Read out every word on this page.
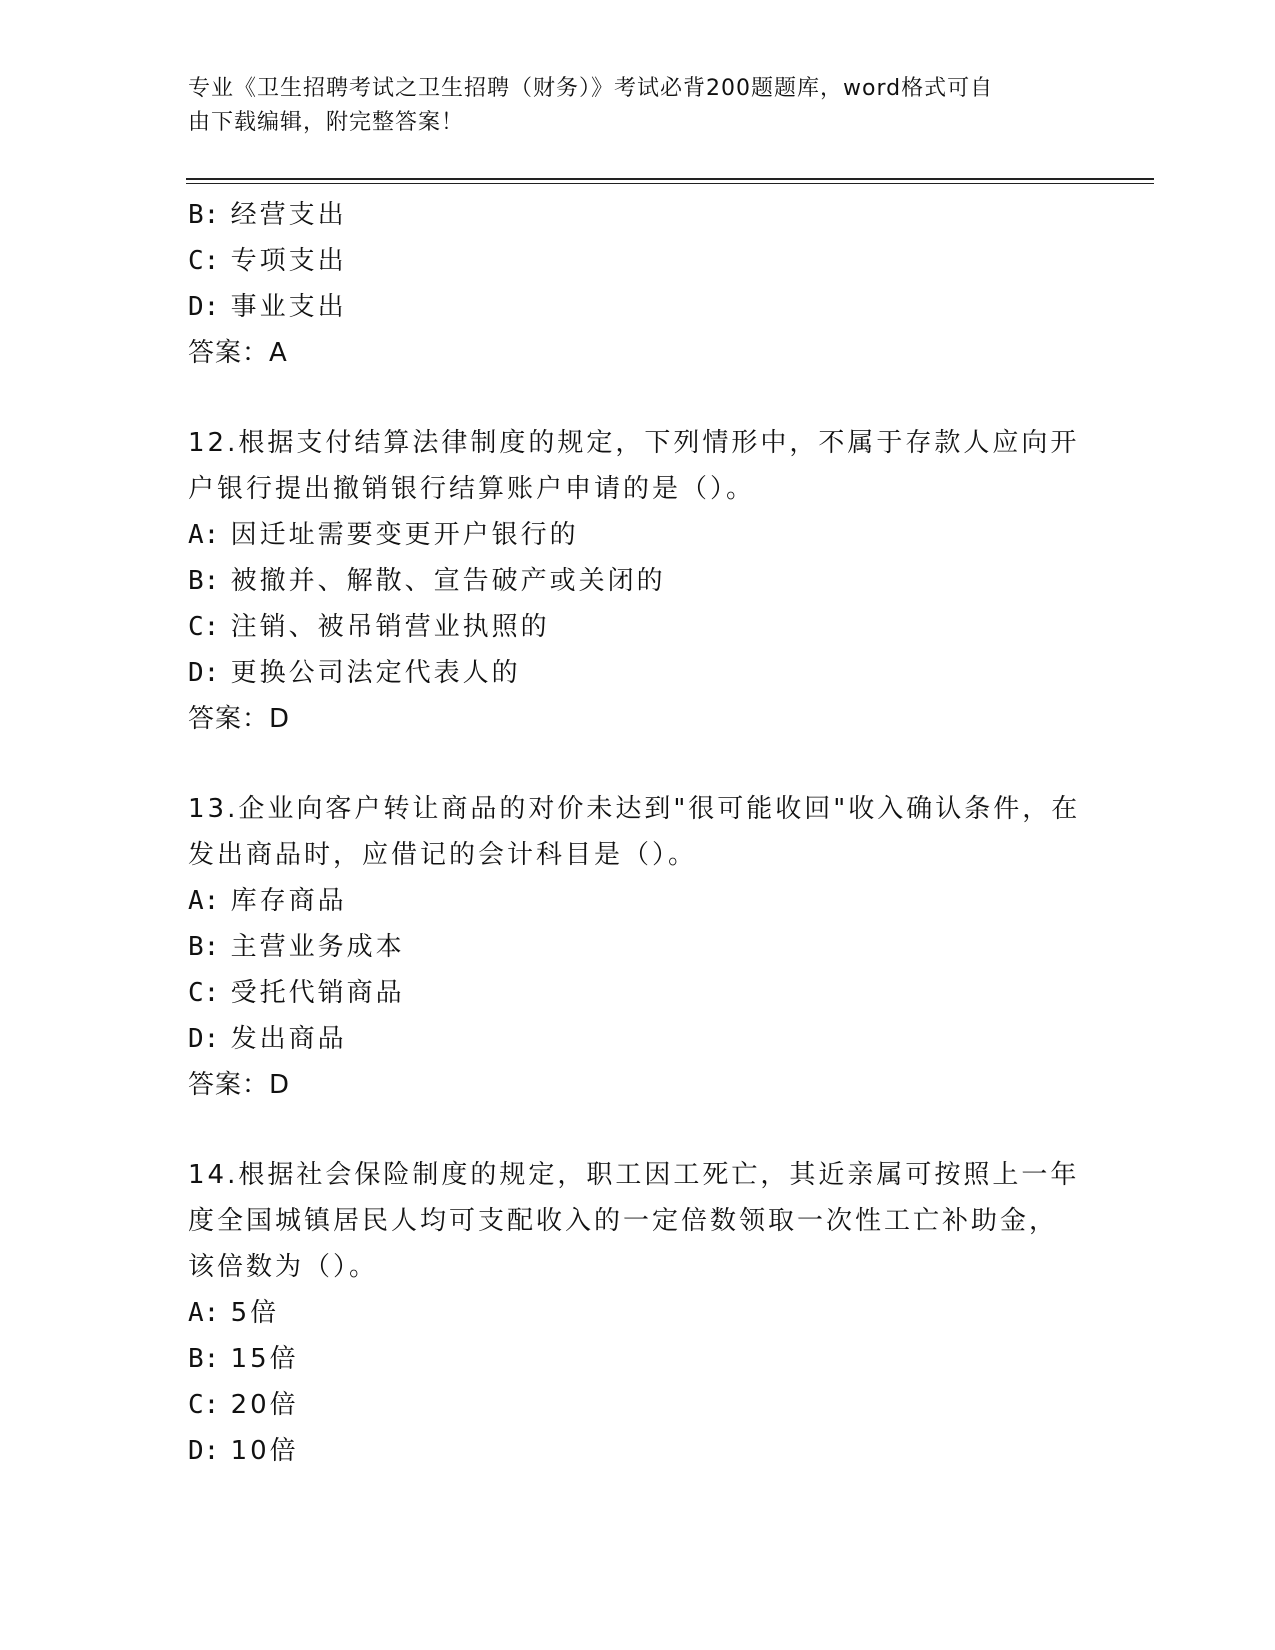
专业《卫生招聘考试之卫生招聘（财务）》考试必背200题题库，word格式可自
由下载编辑，附完整答案！
B: 经营支出
C: 专项支出
D: 事业支出
答案：A
12.根据支付结算法律制度的规定，下列情形中，不属于存款人应向开
户银行提出撤销银行结算账户申请的是（）。
A: 因迁址需要变更开户银行的
B: 被撤并、解散、宣告破产或关闭的
C: 注销、被吊销营业执照的
D: 更换公司法定代表人的
答案：D
13.企业向客户转让商品的对价未达到"很可能收回"收入确认条件，在
发出商品时，应借记的会计科目是（）。
A: 库存商品
B: 主营业务成本
C: 受托代销商品
D: 发出商品
答案：D
14.根据社会保险制度的规定，职工因工死亡，其近亲属可按照上一年
度全国城镇居民人均可支配收入的一定倍数领取一次性工亡补助金，
该倍数为（）。
A: 5倍
B: 15倍
C: 20倍
D: 10倍
